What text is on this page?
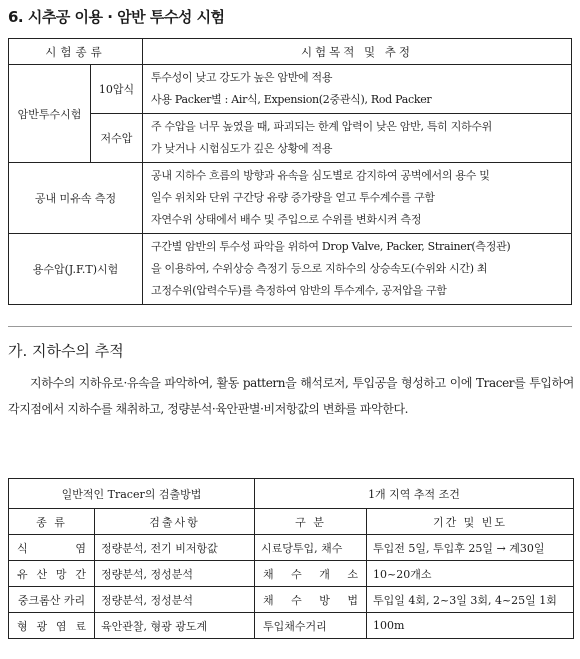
6. 시추공 이용 · 암반 투수성 시험
시험종류		시험목적 및 추정
암반투수시험	10압식	투수성이 낮고 강도가 높은 암반에 적용
사용 Packer별 : Air식, Expension(2중관식), Rod Packer

	저수압	주 수압을 너무 높였을 때, 파괴되는 한계 압력이 낮은 암반, 특히 지하수위
가 낮거나 시험심도가 깊은 상황에 적용

공내 미유속 측정		공내 지하수 흐름의 방향과 유속을 심도별로 감지하여 공벽에서의 용수 및
일수 위치와 단위 구간당 유량 증가량을 얻고 투수계수를 구함
자연수위 상태에서 배수 및 주입으로 수위를 변화시켜 측정

용수압(J.F.T)시험		구간별 암반의 투수성 파악을 위하여 Drop Valve, Packer, Strainer(측정관)
을 이용하여, 수위상승 측정기 등으로 지하수의 상승속도(수위와 시간) 최
고정수위(압력수두)를 측정하여 암반의 투수계수, 공저압을 구함
가. 지하수의 추적
지하수의 지하유로·유속을 파악하여, 활동 pattern을 해석로저, 투입공을 형성하고 이에 Tracer를 투입하여 각지점에서 지하수를 채취하고, 정량분석·육안판별·비저항값의 변화를 파악한다.
일반적인 Tracer의 검출방법		1개 지역 추적 조건	
종 류	검출사항	구 분	기간 및 빈도
식 염	정량분석, 전기 비저항값	시료당투입, 채수	투입전 5일, 투입후 25일 → 계30일
유 산 망 간	정량분석, 정성분석	채 수 개 소	10~20개소
중크롬산 카리	정량분석, 정성분석	채 수 방 법	투입일 4회, 2~3일 3회, 4~25일 1회
형 광 염 료	육안관찰, 형광 광도계	투입채수거리	100m
